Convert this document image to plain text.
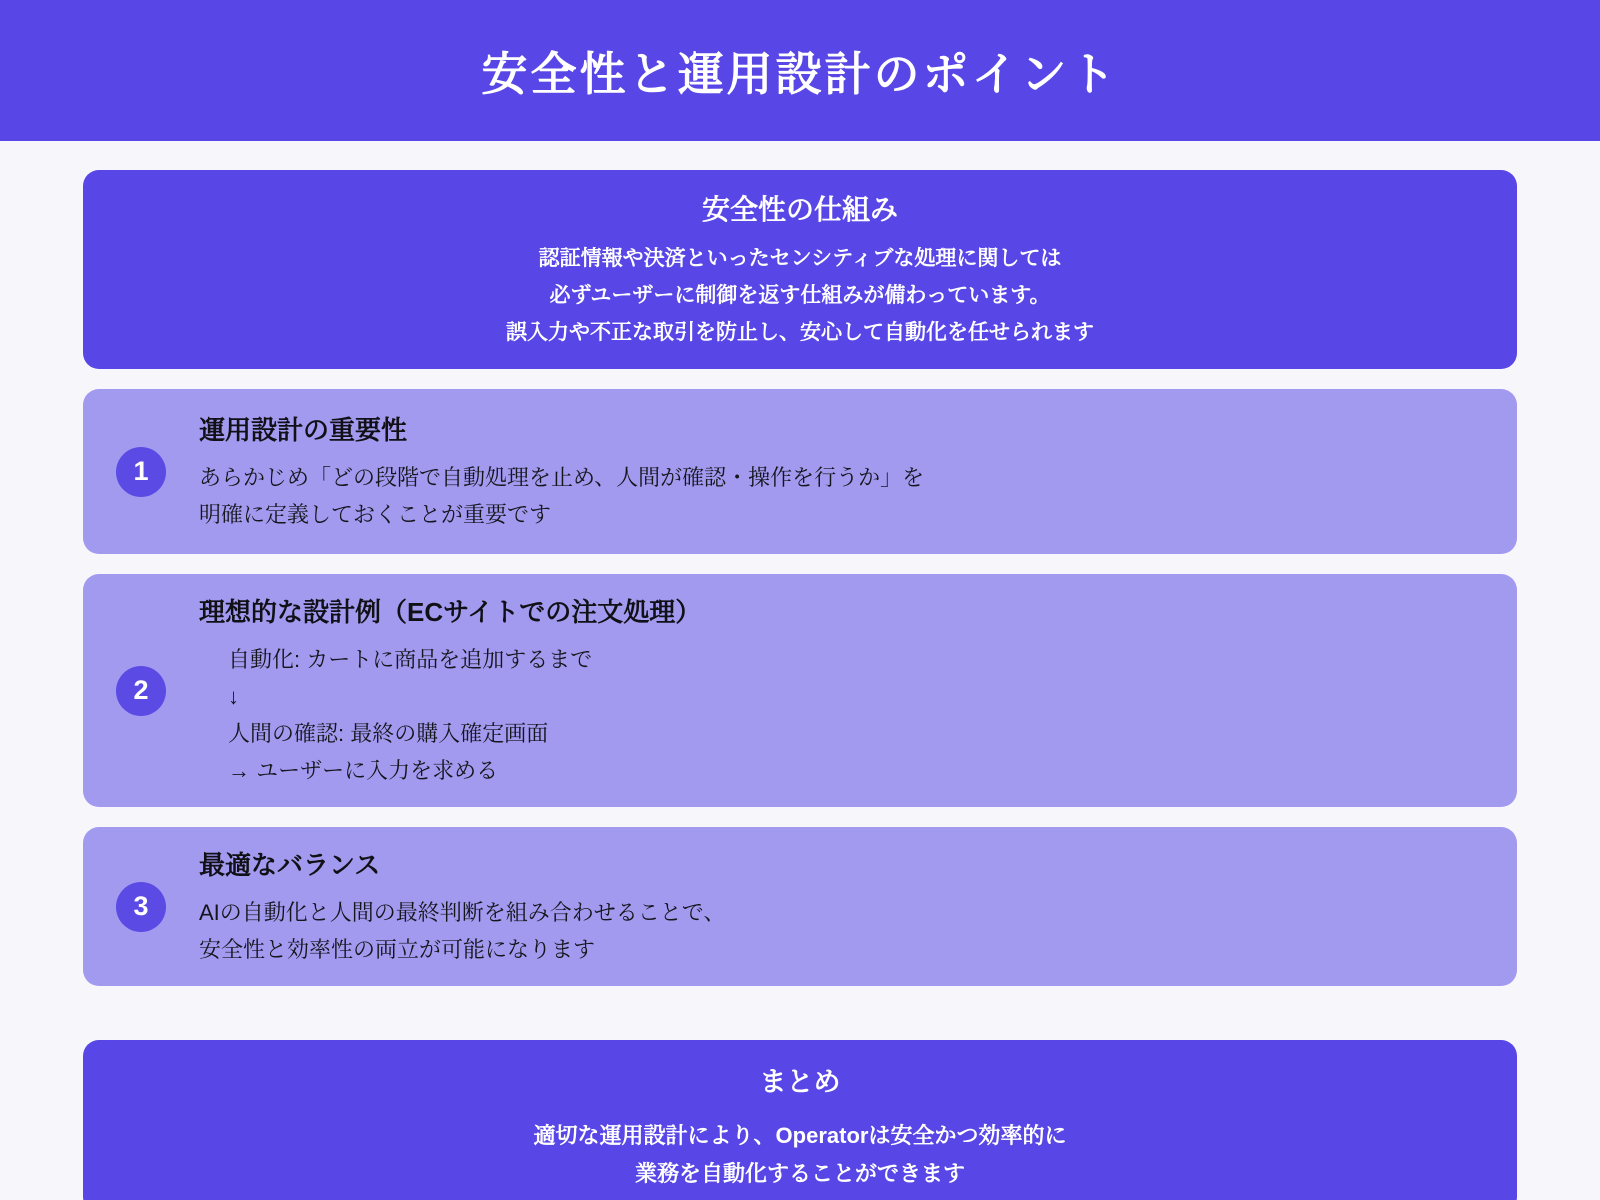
安全性と運用設計のポイント
安全性の仕組み

認証情報や決済といったセンシティブな処理に関しては

必ずユーザーに制御を返す仕組みが備わっています。

誤入力や不正な取引を防止し、安心して自動化を任せられます

1
運用設計の重要性

あらかじめ「どの段階で自動処理を止め、人間が確認・操作を行うか」を

明確に定義しておくことが重要です

2
理想的な設計例（ECサイトでの注文処理）

自動化: カートに商品を追加するまで

↓

人間の確認: 最終の購入確定画面

→ ユーザーに入力を求める

3
最適なバランス

AIの自動化と人間の最終判断を組み合わせることで、

安全性と効率性の両立が可能になります

まとめ

適切な運用設計により、Operatorは安全かつ効率的に

業務を自動化することができます
